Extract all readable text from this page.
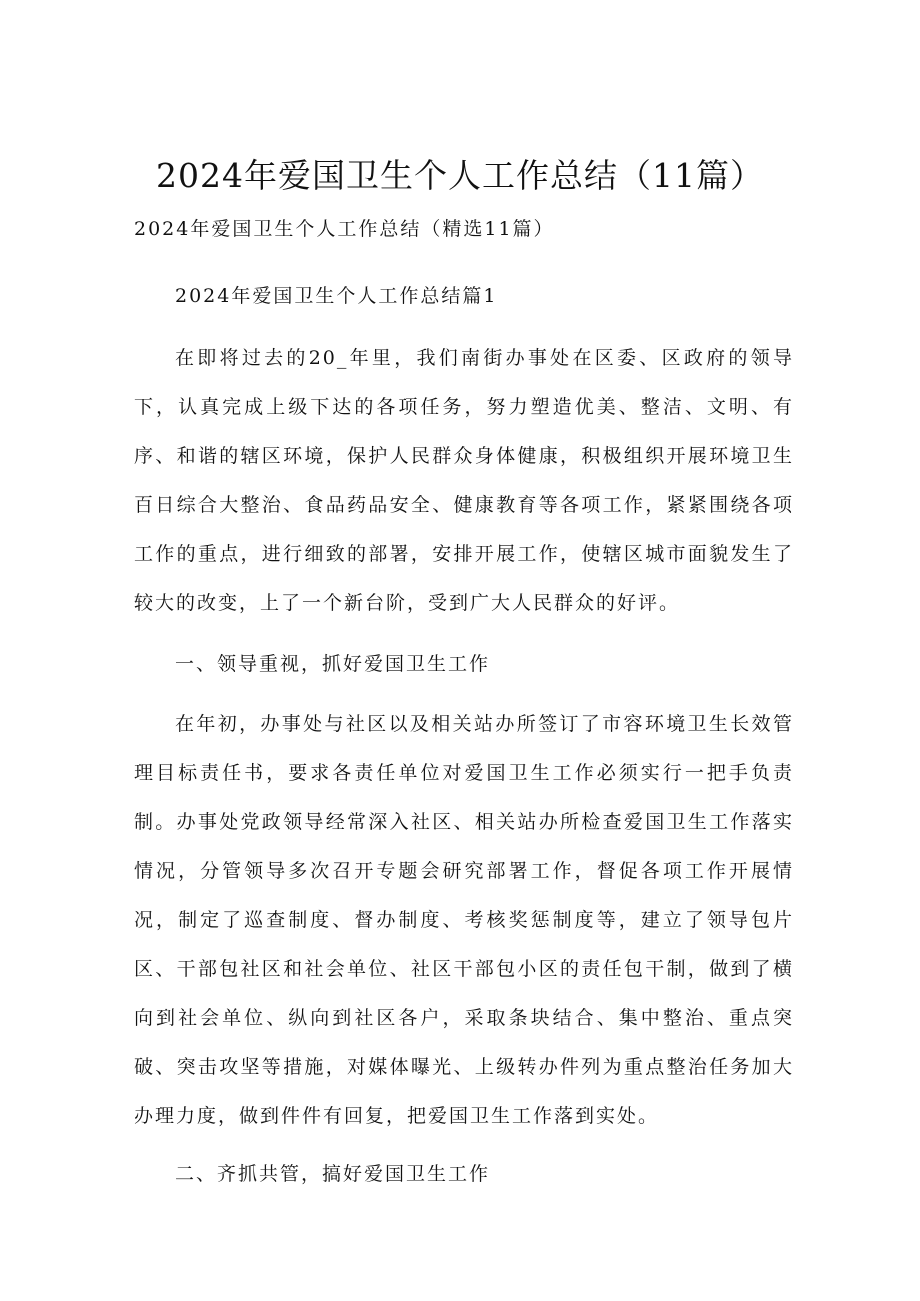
2024年爱国卫生个人工作总结（11篇）

2024年爱国卫生个人工作总结（精选11篇）

2024年爱国卫生个人工作总结篇1

在即将过去的20_年里，我们南街办事处在区委、区政府的领导下，认真完成上级下达的各项任务，努力塑造优美、整洁、文明、有序、和谐的辖区环境，保护人民群众身体健康，积极组织开展环境卫生百日综合大整治、食品药品安全、健康教育等各项工作，紧紧围绕各项工作的重点，进行细致的部署，安排开展工作，使辖区城市面貌发生了较大的改变，上了一个新台阶，受到广大人民群众的好评。

一、领导重视，抓好爱国卫生工作

在年初，办事处与社区以及相关站办所签订了市容环境卫生长效管理目标责任书，要求各责任单位对爱国卫生工作必须实行一把手负责制。办事处党政领导经常深入社区、相关站办所检查爱国卫生工作落实情况，分管领导多次召开专题会研究部署工作，督促各项工作开展情况，制定了巡查制度、督办制度、考核奖惩制度等，建立了领导包片区、干部包社区和社会单位、社区干部包小区的责任包干制，做到了横向到社会单位、纵向到社区各户，采取条块结合、集中整治、重点突破、突击攻坚等措施，对媒体曝光、上级转办件列为重点整治任务加大办理力度，做到件件有回复，把爱国卫生工作落到实处。

二、齐抓共管，搞好爱国卫生工作
